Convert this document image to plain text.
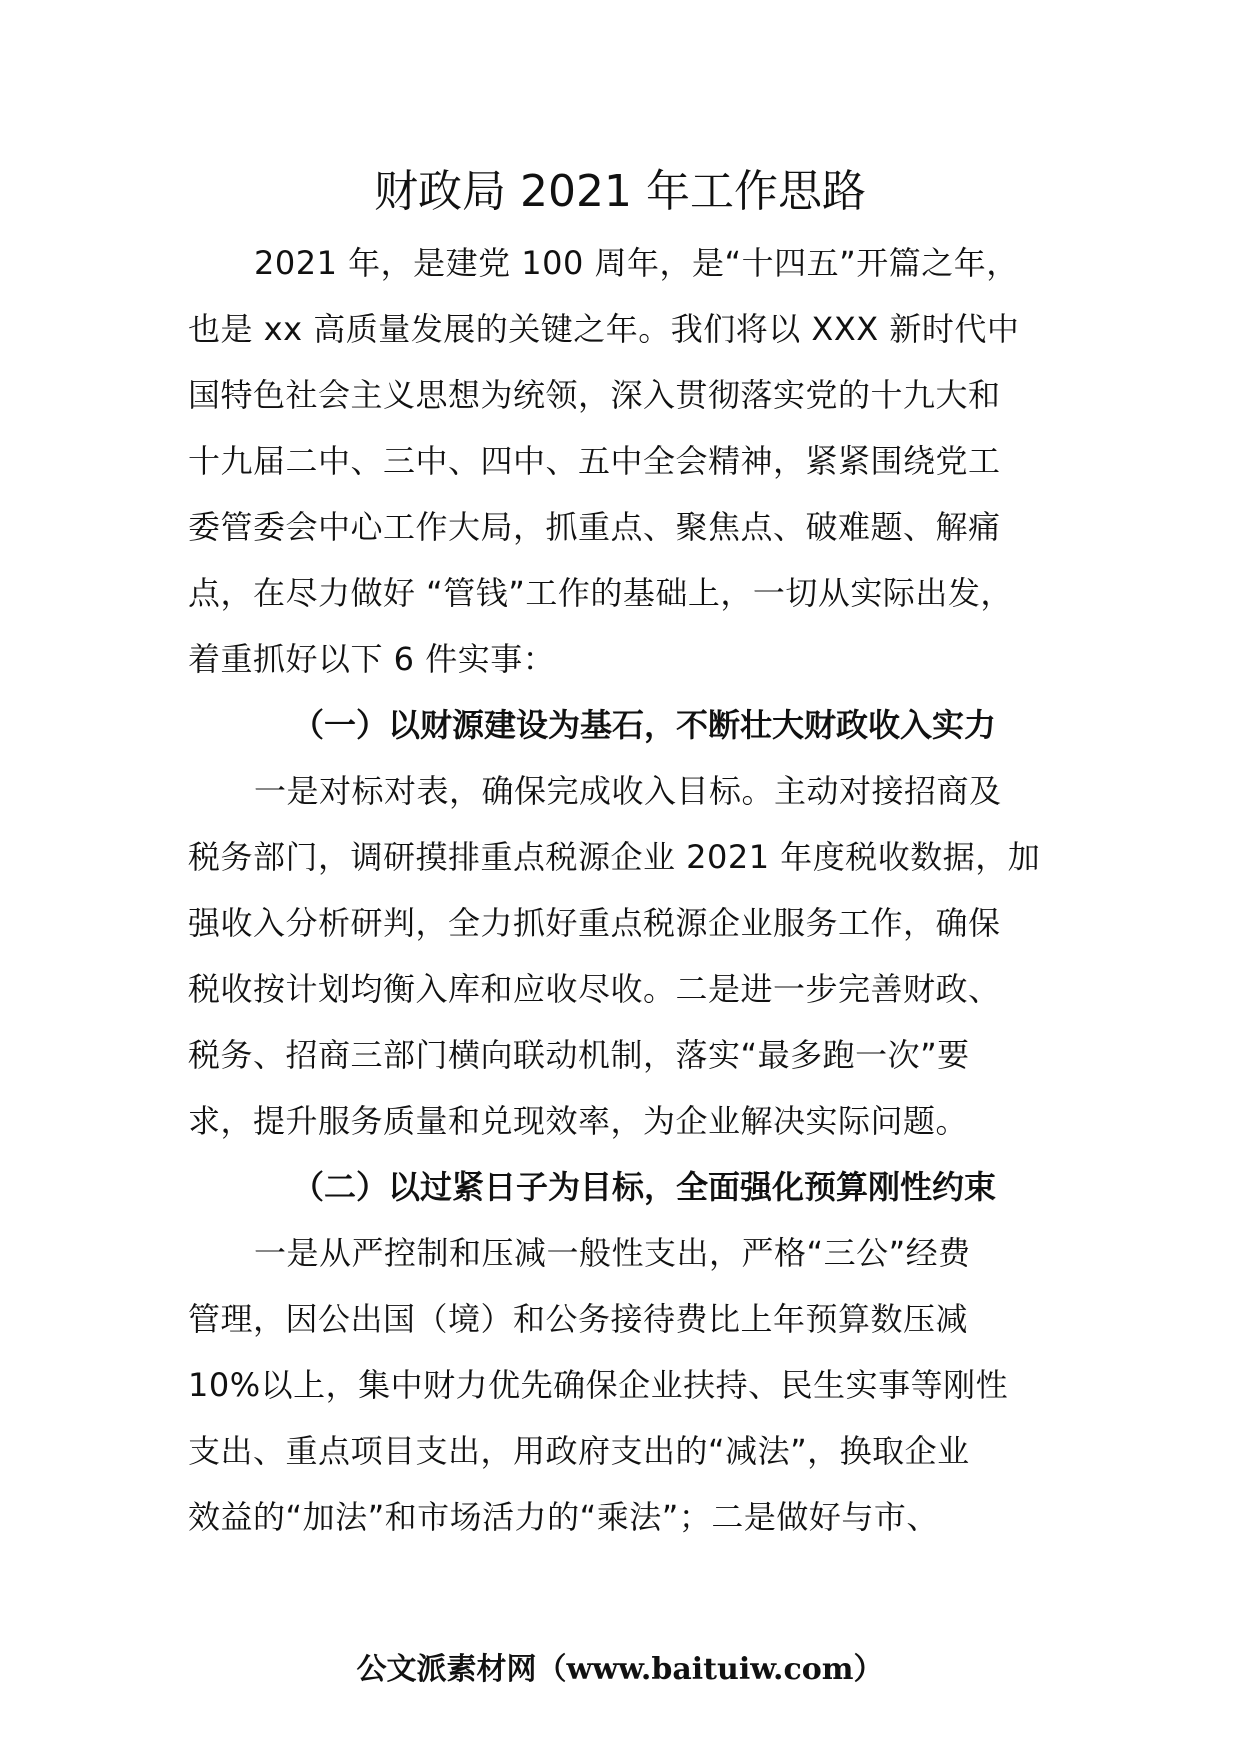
财政局 2021 年工作思路
2021 年，是建党 100 周年，是“十四五”开篇之年，
也是 xx 高质量发展的关键之年。我们将以 XXX 新时代中
国特色社会主义思想为统领，深入贯彻落实党的十九大和
十九届二中、三中、四中、五中全会精神，紧紧围绕党工
委管委会中心工作大局，抓重点、聚焦点、破难题、解痛
点，在尽力做好 “管钱”工作的基础上，一切从实际出发，
着重抓好以下 6 件实事：
（一）以财源建设为基石，不断壮大财政收入实力
一是对标对表，确保完成收入目标。主动对接招商及
税务部门，调研摸排重点税源企业 2021 年度税收数据，加
强收入分析研判，全力抓好重点税源企业服务工作，确保
税收按计划均衡入库和应收尽收。二是进一步完善财政、
税务、招商三部门横向联动机制，落实“最多跑一次”要
求，提升服务质量和兑现效率，为企业解决实际问题。
（二）以过紧日子为目标，全面强化预算刚性约束
一是从严控制和压减一般性支出，严格“三公”经费
管理，因公出国（境）和公务接待费比上年预算数压减
10%以上，集中财力优先确保企业扶持、民生实事等刚性
支出、重点项目支出，用政府支出的“减法”，换取企业
效益的“加法”和市场活力的“乘法”；二是做好与市、
公文派素材网（www.baituiw.com）
